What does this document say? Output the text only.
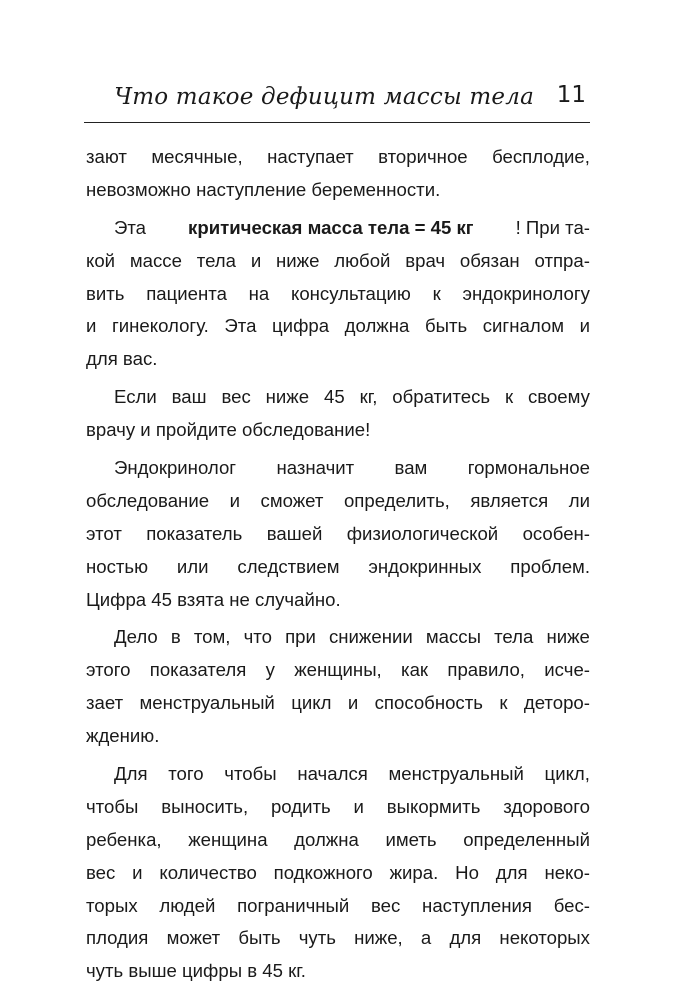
Что такое дефицит массы тела 11
зают месячные, наступает вторичное бесплодие,
невозможно наступление беременности.
Эта критическая масса тела = 45 кг ! При та-
кой массе тела и ниже любой врач обязан отпра-
вить пациента на консультацию к эндокринологу
и гинекологу. Эта цифра должна быть сигналом и
для вас.
Если ваш вес ниже 45 кг, обратитесь к своему
врачу и пройдите обследование!
Эндокринолог назначит вам гормональное
обследование и сможет определить, является ли
этот показатель вашей физиологической особен-
ностью или следствием эндокринных проблем.
Цифра 45 взята не случайно.
Дело в том, что при снижении массы тела ниже
этого показателя у женщины, как правило, исче-
зает менструальный цикл и способность к деторо-
ждению.
Для того чтобы начался менструальный цикл,
чтобы выносить, родить и выкормить здорового
ребенка, женщина должна иметь определенный
вес и количество подкожного жира. Но для неко-
торых людей пограничный вес наступления бес-
плодия может быть чуть ниже, а для некоторых
чуть выше цифры в 45 кг.
